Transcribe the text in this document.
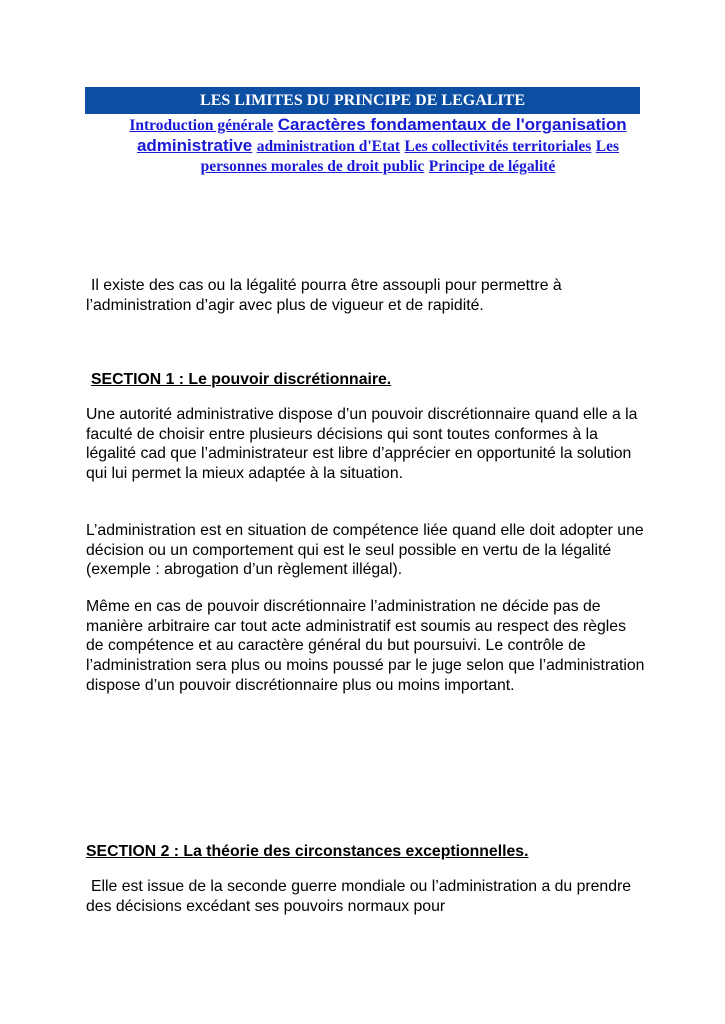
LES LIMITES DU PRINCIPE DE LEGALITE
Introduction générale Caractères fondamentaux de l'organisation administrative administration d'Etat Les collectivités territoriales Les personnes morales de droit public Principe de légalité

Il existe des cas ou la légalité pourra être assoupli pour permettre à l’administration d’agir avec plus de vigueur et de rapidité.

SECTION 1 : Le pouvoir discrétionnaire.

Une autorité administrative dispose d’un pouvoir discrétionnaire quand elle a la faculté de choisir entre plusieurs décisions qui sont toutes conformes à la légalité cad que l’administrateur est libre d’apprécier en opportunité la solution qui lui permet la mieux adaptée à la situation.

L’administration est en situation de compétence liée quand elle doit adopter une décision ou un comportement qui est le seul possible en vertu de la légalité (exemple : abrogation d’un règlement illégal).

Même en cas de pouvoir discrétionnaire l’administration ne décide pas de manière arbitraire car tout acte administratif est soumis au respect des règles de compétence et au caractère général du but poursuivi. Le contrôle de l’administration sera plus ou moins poussé par le juge selon que l’administration dispose d’un pouvoir discrétionnaire plus ou moins important.

SECTION 2 : La théorie des circonstances exceptionnelles.

Elle est issue de la seconde guerre mondiale ou l’administration a du prendre des décisions excédant ses pouvoirs normaux pour
